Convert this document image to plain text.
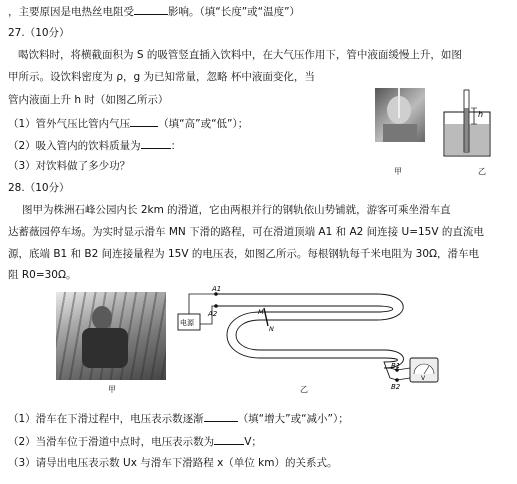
，主要原因是电热丝电阻受	影响。（填“长度”或“温度”）
27.（10分）
喝饮料时，将横截面积为 S 的吸管竖直插入饮料中，在大气压作用下，管中液面缓慢上升，如图
甲所示。设饮料密度为 ρ，g 为已知常量，忽略 杯中液面变化，当
管内液面上升 h 时（如图乙所示）
（1）管外气压比管内气压	（填“高”或“低”）；
（2）吸入管内的饮料质量为	：
（3）对饮料做了多少功？	甲
h
乙
28.（10分）
图甲为株洲石峰公园内长 2km 的滑道，它由两根并行的钢轨依山势铺就，游客可乘坐滑车直
达蓄薇园停车场。为实时显示滑车 MN 下滑的路程，可在滑道顶端 A1 和 A2 间连接 U=15V 的直流电
源，底端 B1 和 B2 间连接量程为 15V 的电压表，如图乙所示。每根钢轨每千米电阻为 30Ω，滑车电
阻 R0=30Ω。
甲
电源
A1
A2	M
N
B1
B2
V
乙
（1）滑车在下滑过程中，电压表示数逐渐	（填“增大”或“减小”）；
（2）当滑车位于滑道中点时，电压表示数为	V；
（3）请导出电压表示数 Ux 与滑车下滑路程 x（单位 km）的关系式。
